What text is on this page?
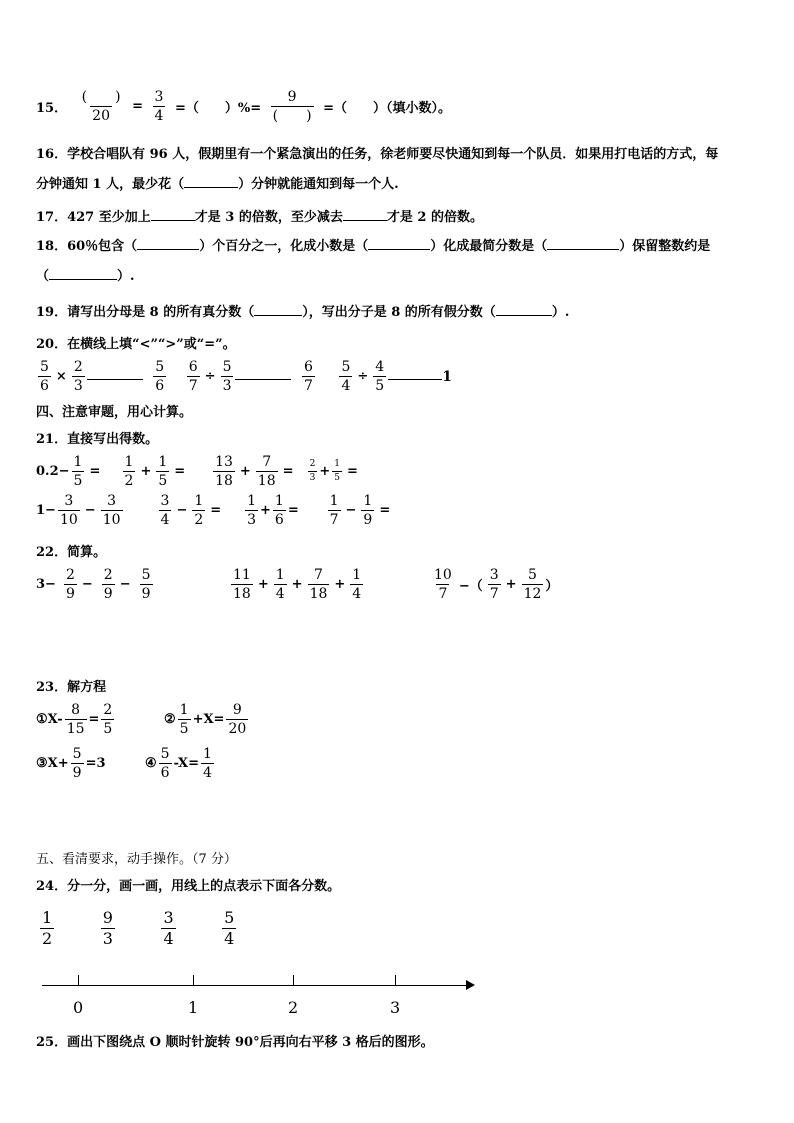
15． $\frac{( )}{20} = \frac{3}{4}$ =（　　）%= $\frac{9}{( )}$ =（　　）（填小数）。
16．学校合唱队有 96 人，假期里有一个紧急演出的任务，徐老师要尽快通知到每一个队员．如果用打电话的方式，每
分钟通知 1 人，最少花（	）分钟就能通知到每一个人.
17．427 至少加上	才是 3 的倍数，至少减去	才是 2 的倍数。
18．60％包含（	）个百分之一，化成小数是（	）化成最简分数是（	）保留整数约是
（	）.
19．请写出分母是 8 的所有真分数（	），写出分子是 8 的所有假分数（	）.
20．在横线上填“<”“>”或“=”。
$\frac{5}{6} \times \frac{2}{3}$
	$\frac{5}{6}$
$\frac{6}{7} \div \frac{5}{3}$
	$\frac{6}{7}$
$\frac{5}{4} \div \frac{4}{5}$	1
四、注意审题，用心计算。
21．直接写出得数。
$0.2- \frac{1}{5} = \frac{1}{2} + \frac{1}{5} = \frac{13}{18} + \frac{7}{18} = \frac{2}{3} + \frac{1}{5}$ =
$1- \frac{3}{10} - \frac{3}{10}$
	$\frac{3}{4} - \frac{1}{2} = \frac{1}{3} + \frac{1}{6} = \frac{1}{7} - \frac{1}{9}$ =
22．简算。
$3- \frac{2}{9} - \frac{2}{9} - \frac{5}{9}$	$\frac{11}{18} + \frac{1}{4} + \frac{7}{18} + \frac{1}{4}$	$\frac{10}{7}$ −（ $\frac{3}{7} + \frac{5}{12}$ ）
23．解方程
①X- $\frac{8}{15} = \frac{2}{5}$	② $\frac{1}{5} +X= \frac{9}{20}$
③X+ $\frac{5}{9} =3$	④ $\frac{5}{6} -X= \frac{1}{4}$
五、看清要求，动手操作。（7 分）
24．分一分，画一画，用线上的点表示下面各分数。
$\frac{1}{2}$
	$\frac{9}{3}$
	$\frac{3}{4}$
	$\frac{5}{4}$
0	1	2	3
25．画出下图绕点 O 顺时针旋转 90°后再向右平移 3 格后的图形。
